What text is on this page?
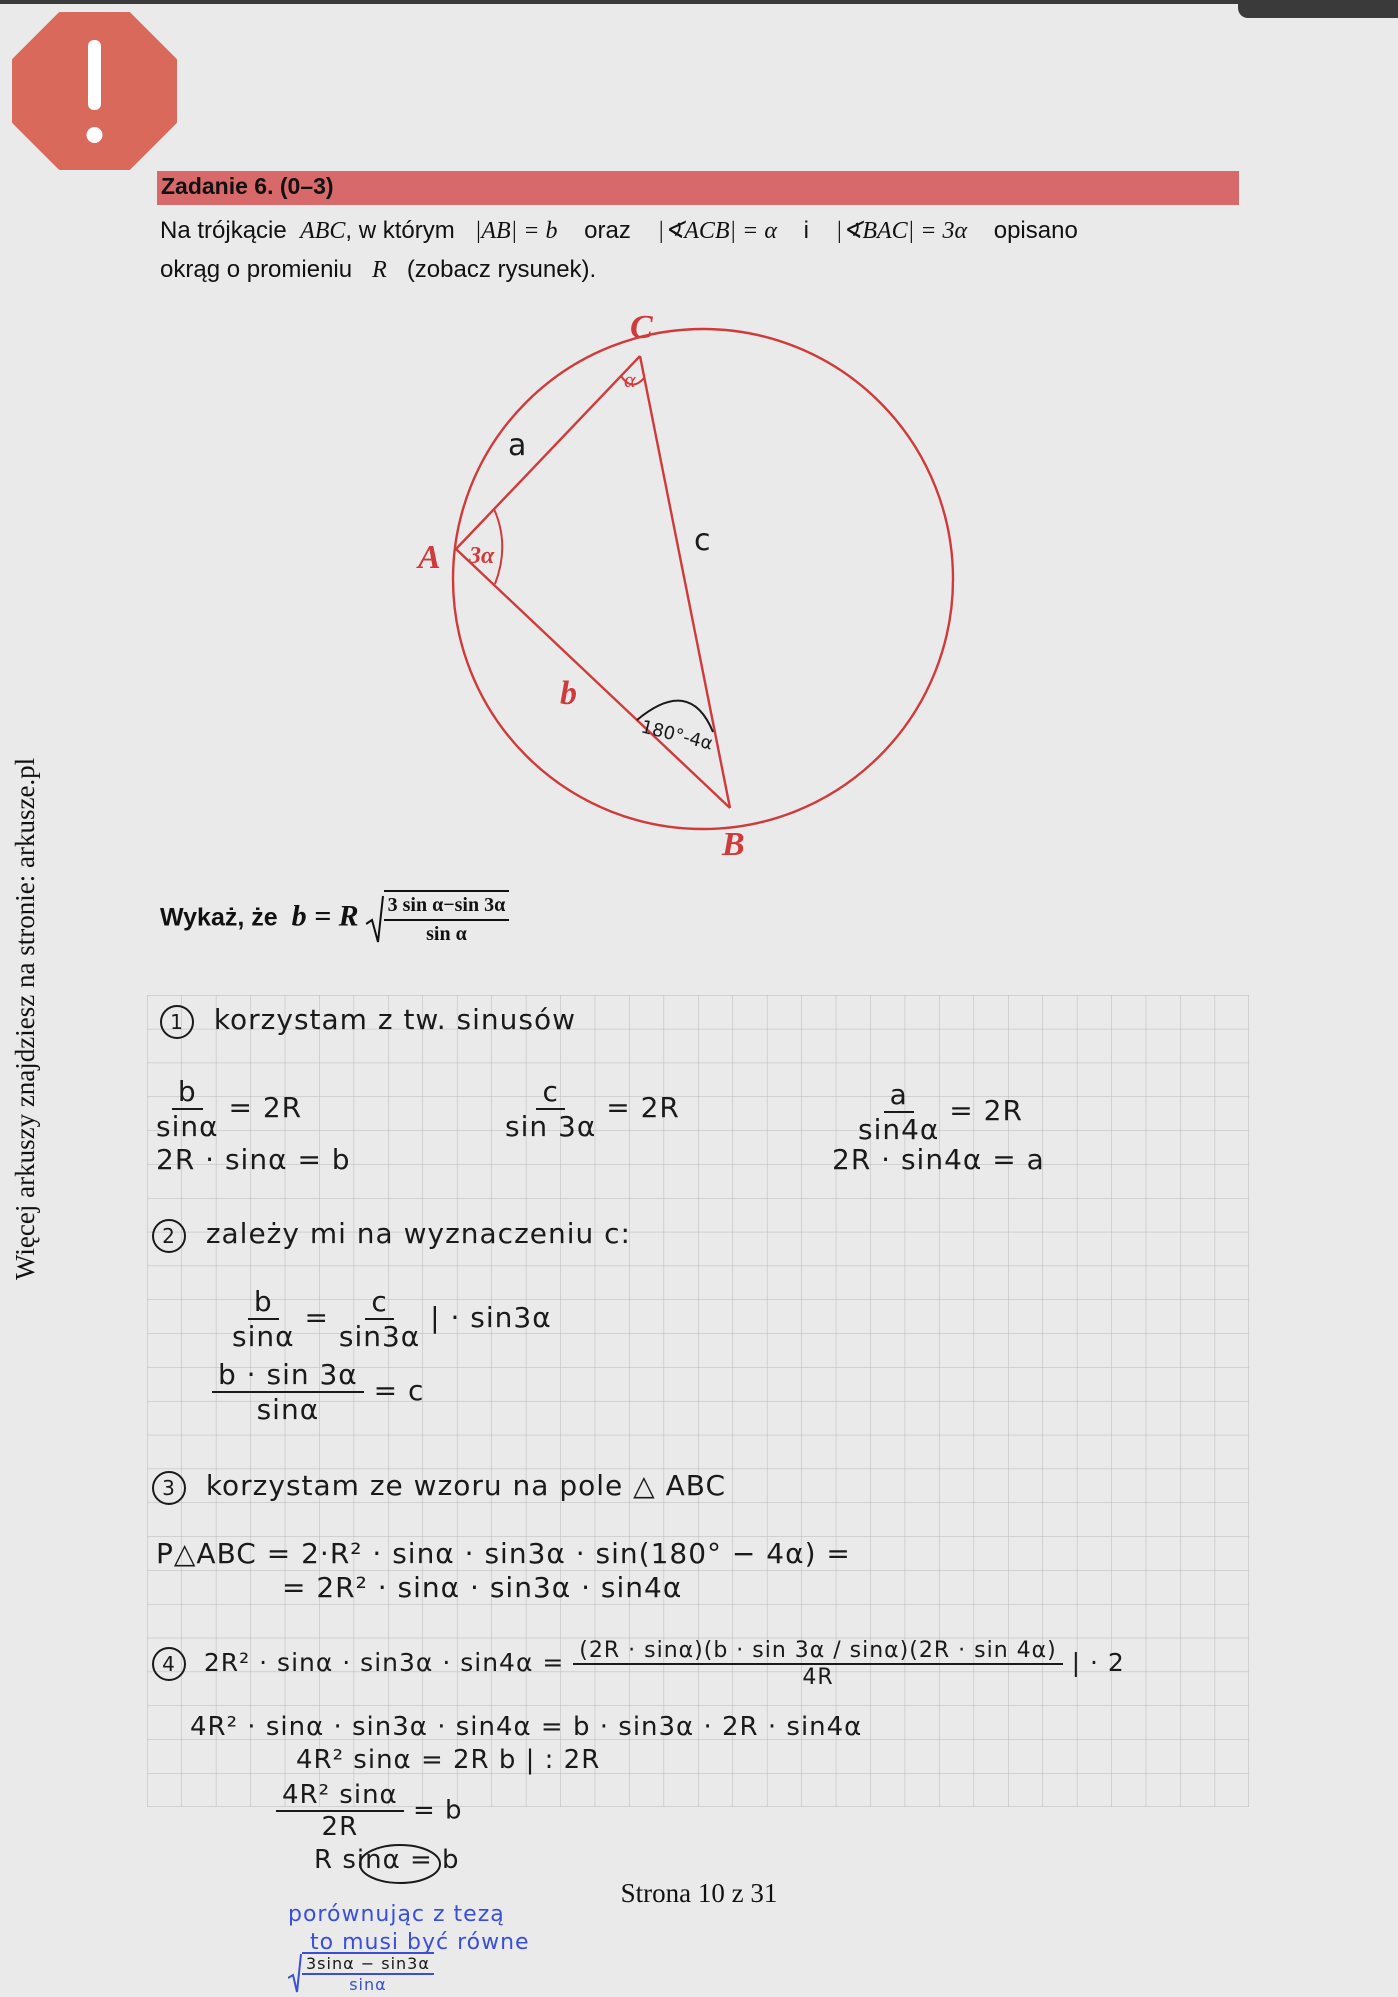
Więcej arkuszy znajdziesz na stronie: arkusze.pl
Zadanie 6. (0–3)
Na trójkącie ABC, w którym |AB| = b oraz |∢ACB| = α i |∢BAC| = 3α opisano
okrąg o promieniu R (zobacz rysunek).
C
A
B
b
α
3α
a
c
180°-4α
Wykaż, że b = R $\frac{\text{3 sin α−sin 3α}}{\text{sin α}}$
1 korzystam z tw. sinusów
$\frac{b}{\sin\alpha} = 2R$
2R · sinα = b
$\frac{c}{\sin 3\alpha} = 2R$	$\frac{a}{\sin 4\alpha} = 2R$
2R · sin4α = a
2 zależy mi na wyznaczeniu c:
$\frac{b}{\sin\alpha} = \frac{c}{\sin 3\alpha}$ | · sin3α
$\frac{b \cdot \sin 3\alpha}{\sin\alpha} = c$
3 korzystam ze wzoru na pole △ ABC
P△ABC = 2·R² · sinα · sin3α · sin(180° − 4α) =
= 2R² · sinα · sin3α · sin4α
4 $2R^2 \cdot \sin\alpha \cdot \sin 3\alpha \cdot \sin 4\alpha = \frac{(2R \cdot \sin\alpha)(b \cdot \sin 3\alpha / \sin\alpha)(2R \cdot \sin 4\alpha)}{4R}$ | · 2
4R² · sinα · sin3α · sin4α = b · sin3α · 2R · sin4α
4R² sinα = 2R b | : 2R
$\frac{\text{4R² sinα}}{2R} = b$
R sinα = b
porównując z tezą
to musi być równe
$\frac{3\sin\alpha - \sin 3\alpha}{\sin\alpha}$
Strona 10 z 31
